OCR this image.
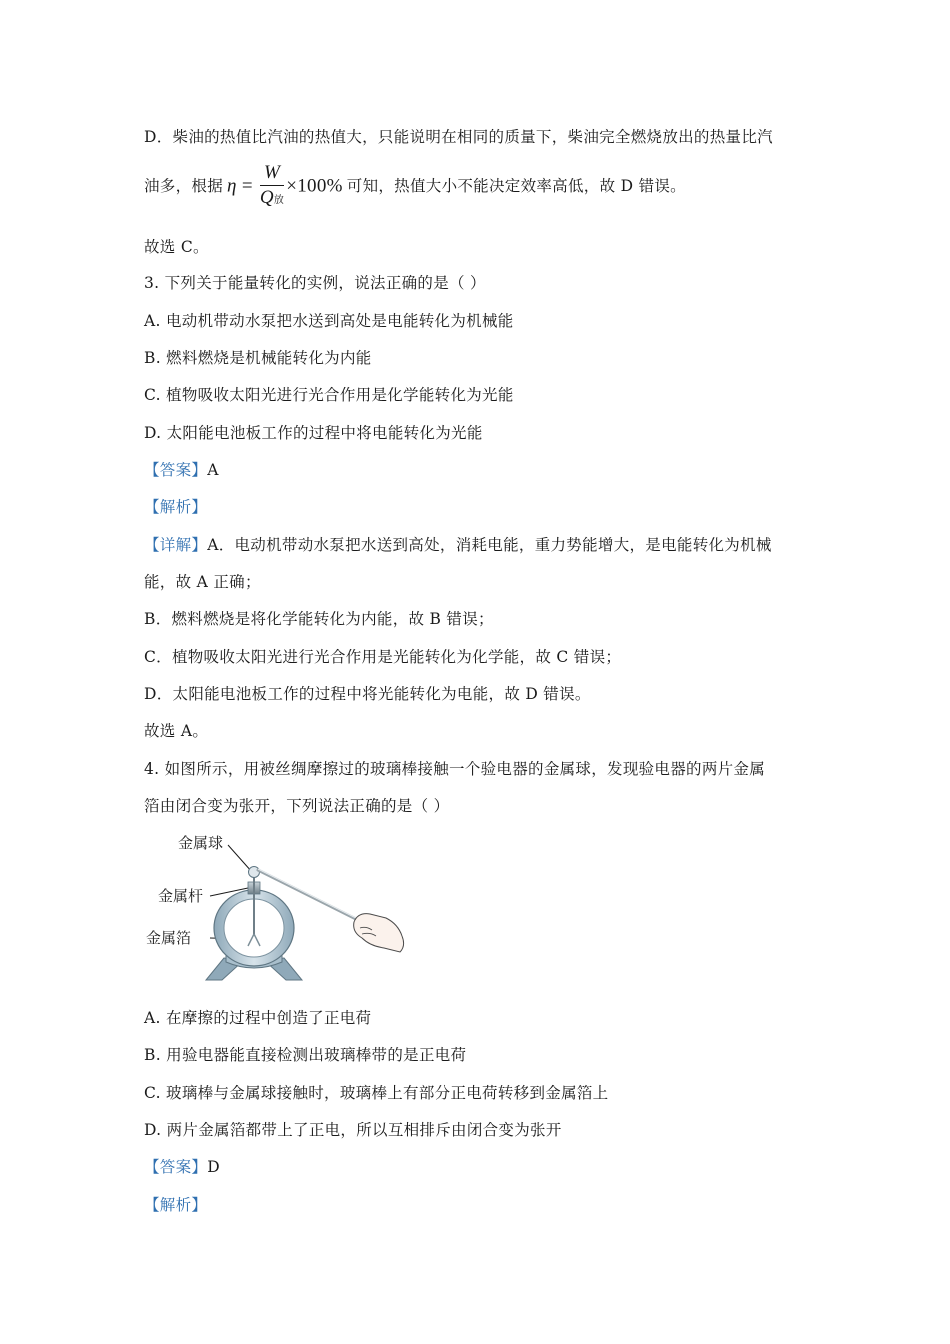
D．柴油的热值比汽油的热值大，只能说明在相同的质量下，柴油完全燃烧放出的热量比汽
油多，根据 $\eta = \frac{W}{\text{Q放}} \times 100\%$ 可知，热值大小不能决定效率高低，故 D 错误。
故选 C。
3. 下列关于能量转化的实例，说法正确的是（ ）
A. 电动机带动水泵把水送到高处是电能转化为机械能
B. 燃料燃烧是机械能转化为内能
C. 植物吸收太阳光进行光合作用是化学能转化为光能
D. 太阳能电池板工作的过程中将电能转化为光能
【答案】A
【解析】
【详解】A．电动机带动水泵把水送到高处，消耗电能，重力势能增大，是电能转化为机械
能，故 A 正确；
B．燃料燃烧是将化学能转化为内能，故 B 错误；
C．植物吸收太阳光进行光合作用是光能转化为化学能，故 C 错误；
D．太阳能电池板工作的过程中将光能转化为电能，故 D 错误。
故选 A。
4. 如图所示，用被丝绸摩擦过的玻璃棒接触一个验电器的金属球，发现验电器的两片金属
箔由闭合变为张开，下列说法正确的是（ ）
金属球
金属杆
金属箔
A. 在摩擦的过程中创造了正电荷
B. 用验电器能直接检测出玻璃棒带的是正电荷
C. 玻璃棒与金属球接触时，玻璃棒上有部分正电荷转移到金属箔上
D. 两片金属箔都带上了正电，所以互相排斥由闭合变为张开
【答案】D
【解析】
